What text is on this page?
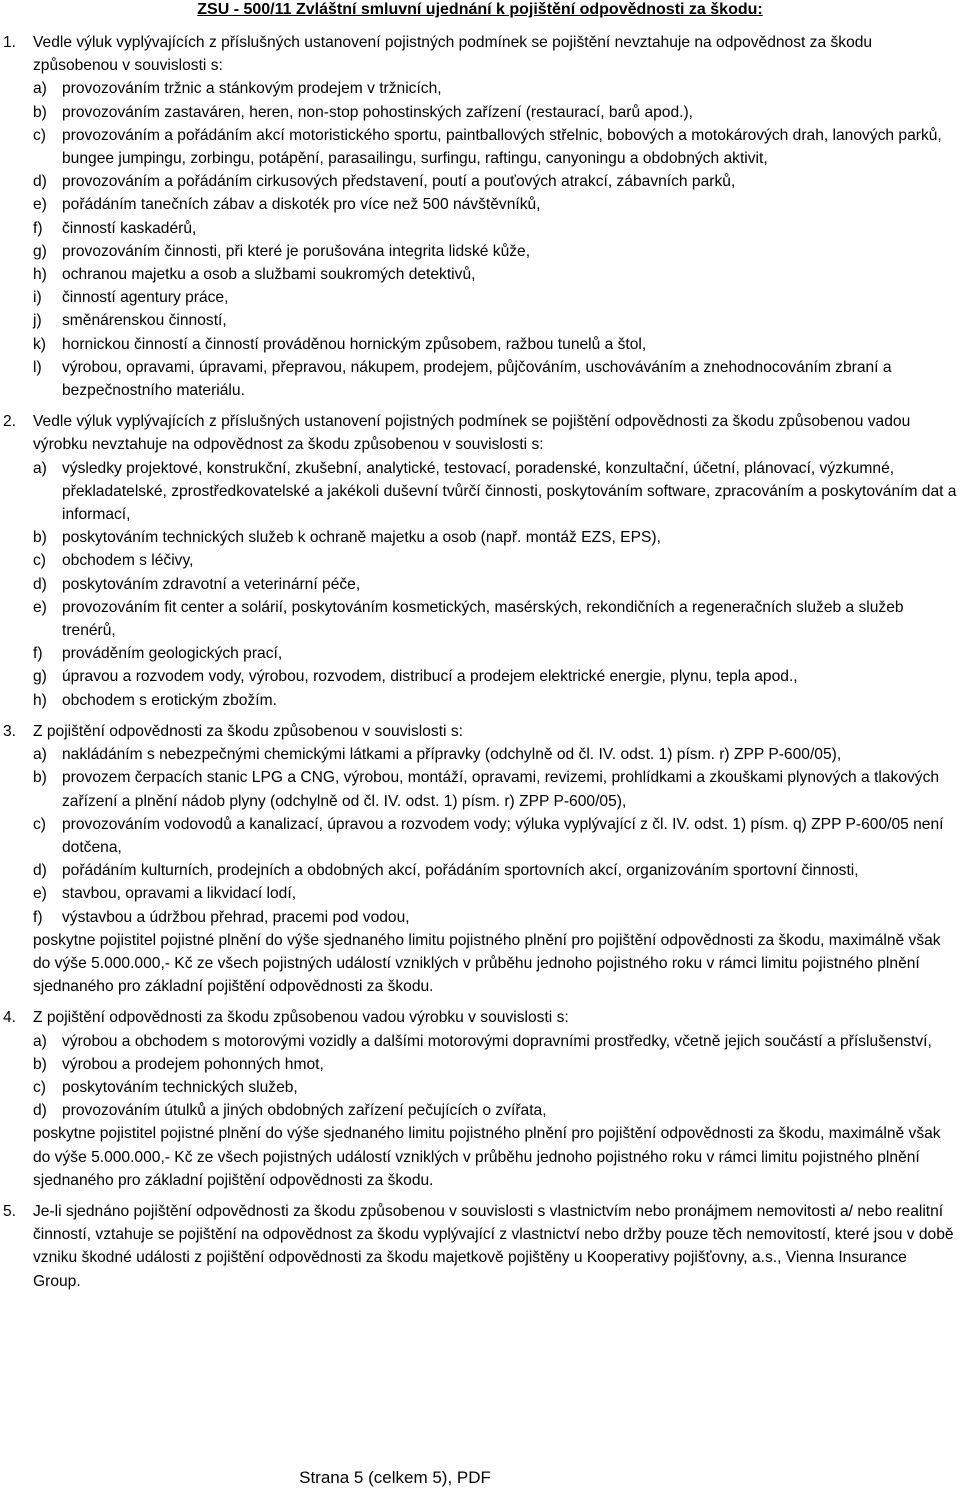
ZSU - 500/11 Zvláštní smluvní ujednání k pojištění odpovědnosti za škodu:
1. Vedle výluk vyplývajících z příslušných ustanovení pojistných podmínek se pojištění nevztahuje na odpovědnost za škodu způsobenou v souvislosti s:
a) provozováním tržnic a stánkovým prodejem v tržnicích,
b) provozováním zastaváren, heren, non-stop pohostinských zařízení (restaurací, barů apod.),
c) provozováním a pořádáním akcí motoristického sportu, paintballových střelnic, bobových a motokárových drah, lanových parků, bungee jumpingu, zorbingu, potápění, parasailingu, surfingu, raftingu, canyoningu a obdobných aktivit,
d) provozováním a pořádáním cirkusových představení, poutí a pouťových atrakcí, zábavních parků,
e) pořádáním tanečních zábav a diskoték pro více než 500 návštěvníků,
f) činností kaskadérů,
g) provozováním činnosti, při které je porušována integrita lidské kůže,
h) ochranou majetku a osob a službami soukromých detektivů,
i) činností agentury práce,
j) směnárenskou činností,
k) hornickou činností a činností prováděnou hornickým způsobem, ražbou tunelů a štol,
l) výrobou, opravami, úpravami, přepravou, nákupem, prodejem, půjčováním, uschováváním a znehodnocováním zbraní a bezpečnostního materiálu.
2. Vedle výluk vyplývajících z příslušných ustanovení pojistných podmínek se pojištění odpovědnosti za škodu způsobenou vadou výrobku nevztahuje na odpovědnost za škodu způsobenou v souvislosti s:
a) výsledky projektové, konstrukční, zkušební, analytické, testovací, poradenské, konzultační, účetní, plánovací, výzkumné, překladatelské, zprostředkovatelské a jakékoli duševní tvůrčí činnosti, poskytováním software, zpracováním a poskytováním dat a informací,
b) poskytováním technických služeb k ochraně majetku a osob (např. montáž EZS, EPS),
c) obchodem s léčivy,
d) poskytováním zdravotní a veterinární péče,
e) provozováním fit center a solárií, poskytováním kosmetických, masérských, rekondičních a regeneračních služeb a služeb trenérů,
f) prováděním geologických prací,
g) úpravou a rozvodem vody, výrobou, rozvodem, distribucí a prodejem elektrické energie, plynu, tepla apod.,
h) obchodem s erotickým zbožím.
3. Z pojištění odpovědnosti za škodu způsobenou v souvislosti s:
a) nakládáním s nebezpečnými chemickými látkami a přípravky (odchylně od čl. IV. odst. 1) písm. r) ZPP P-600/05),
b) provozem čerpacích stanic LPG a CNG, výrobou, montáží, opravami, revizemi, prohlídkami a zkouškami plynových a tlakových zařízení a plnění nádob plyny (odchylně od čl. IV. odst. 1) písm. r) ZPP P-600/05),
c) provozováním vodovodů a kanalizací, úpravou a rozvodem vody; výluka vyplývající z čl. IV. odst. 1) písm. q) ZPP P-600/05 není dotčena,
d) pořádáním kulturních, prodejních a obdobných akcí, pořádáním sportovních akcí, organizováním sportovní činnosti,
e) stavbou, opravami a likvidací lodí,
f) výstavbou a údržbou přehrad, pracemi pod vodou,
poskytne pojistitel pojistné plnění do výše sjednaného limitu pojistného plnění pro pojištění odpovědnosti za škodu, maximálně však do výše 5.000.000,- Kč ze všech pojistných událostí vzniklých v průběhu jednoho pojistného roku v rámci limitu pojistného plnění sjednaného pro základní pojištění odpovědnosti za škodu.
4. Z pojištění odpovědnosti za škodu způsobenou vadou výrobku v souvislosti s:
a) výrobou a obchodem s motorovými vozidly a dalšími motorovými dopravními prostředky, včetně jejich součástí a příslušenství,
b) výrobou a prodejem pohonných hmot,
c) poskytováním technických služeb,
d) provozováním útulků a jiných obdobných zařízení pečujících o zvířata,
poskytne pojistitel pojistné plnění do výše sjednaného limitu pojistného plnění pro pojištění odpovědnosti za škodu, maximálně však do výše 5.000.000,- Kč ze všech pojistných událostí vzniklých v průběhu jednoho pojistného roku v rámci limitu pojistného plnění sjednaného pro základní pojištění odpovědnosti za škodu.
5. Je-li sjednáno pojištění odpovědnosti za škodu způsobenou v souvislosti s vlastnictvím nebo pronájmem nemovitosti a/ nebo realitní činností, vztahuje se pojištění na odpovědnost za škodu vyplývající z vlastnictví nebo držby pouze těch nemovitostí, které jsou v době vzniku škodné události z pojištění odpovědnosti za škodu majetkově pojištěny u Kooperativy pojišťovny, a.s., Vienna Insurance Group.
Strana 5 (celkem 5), PDF
